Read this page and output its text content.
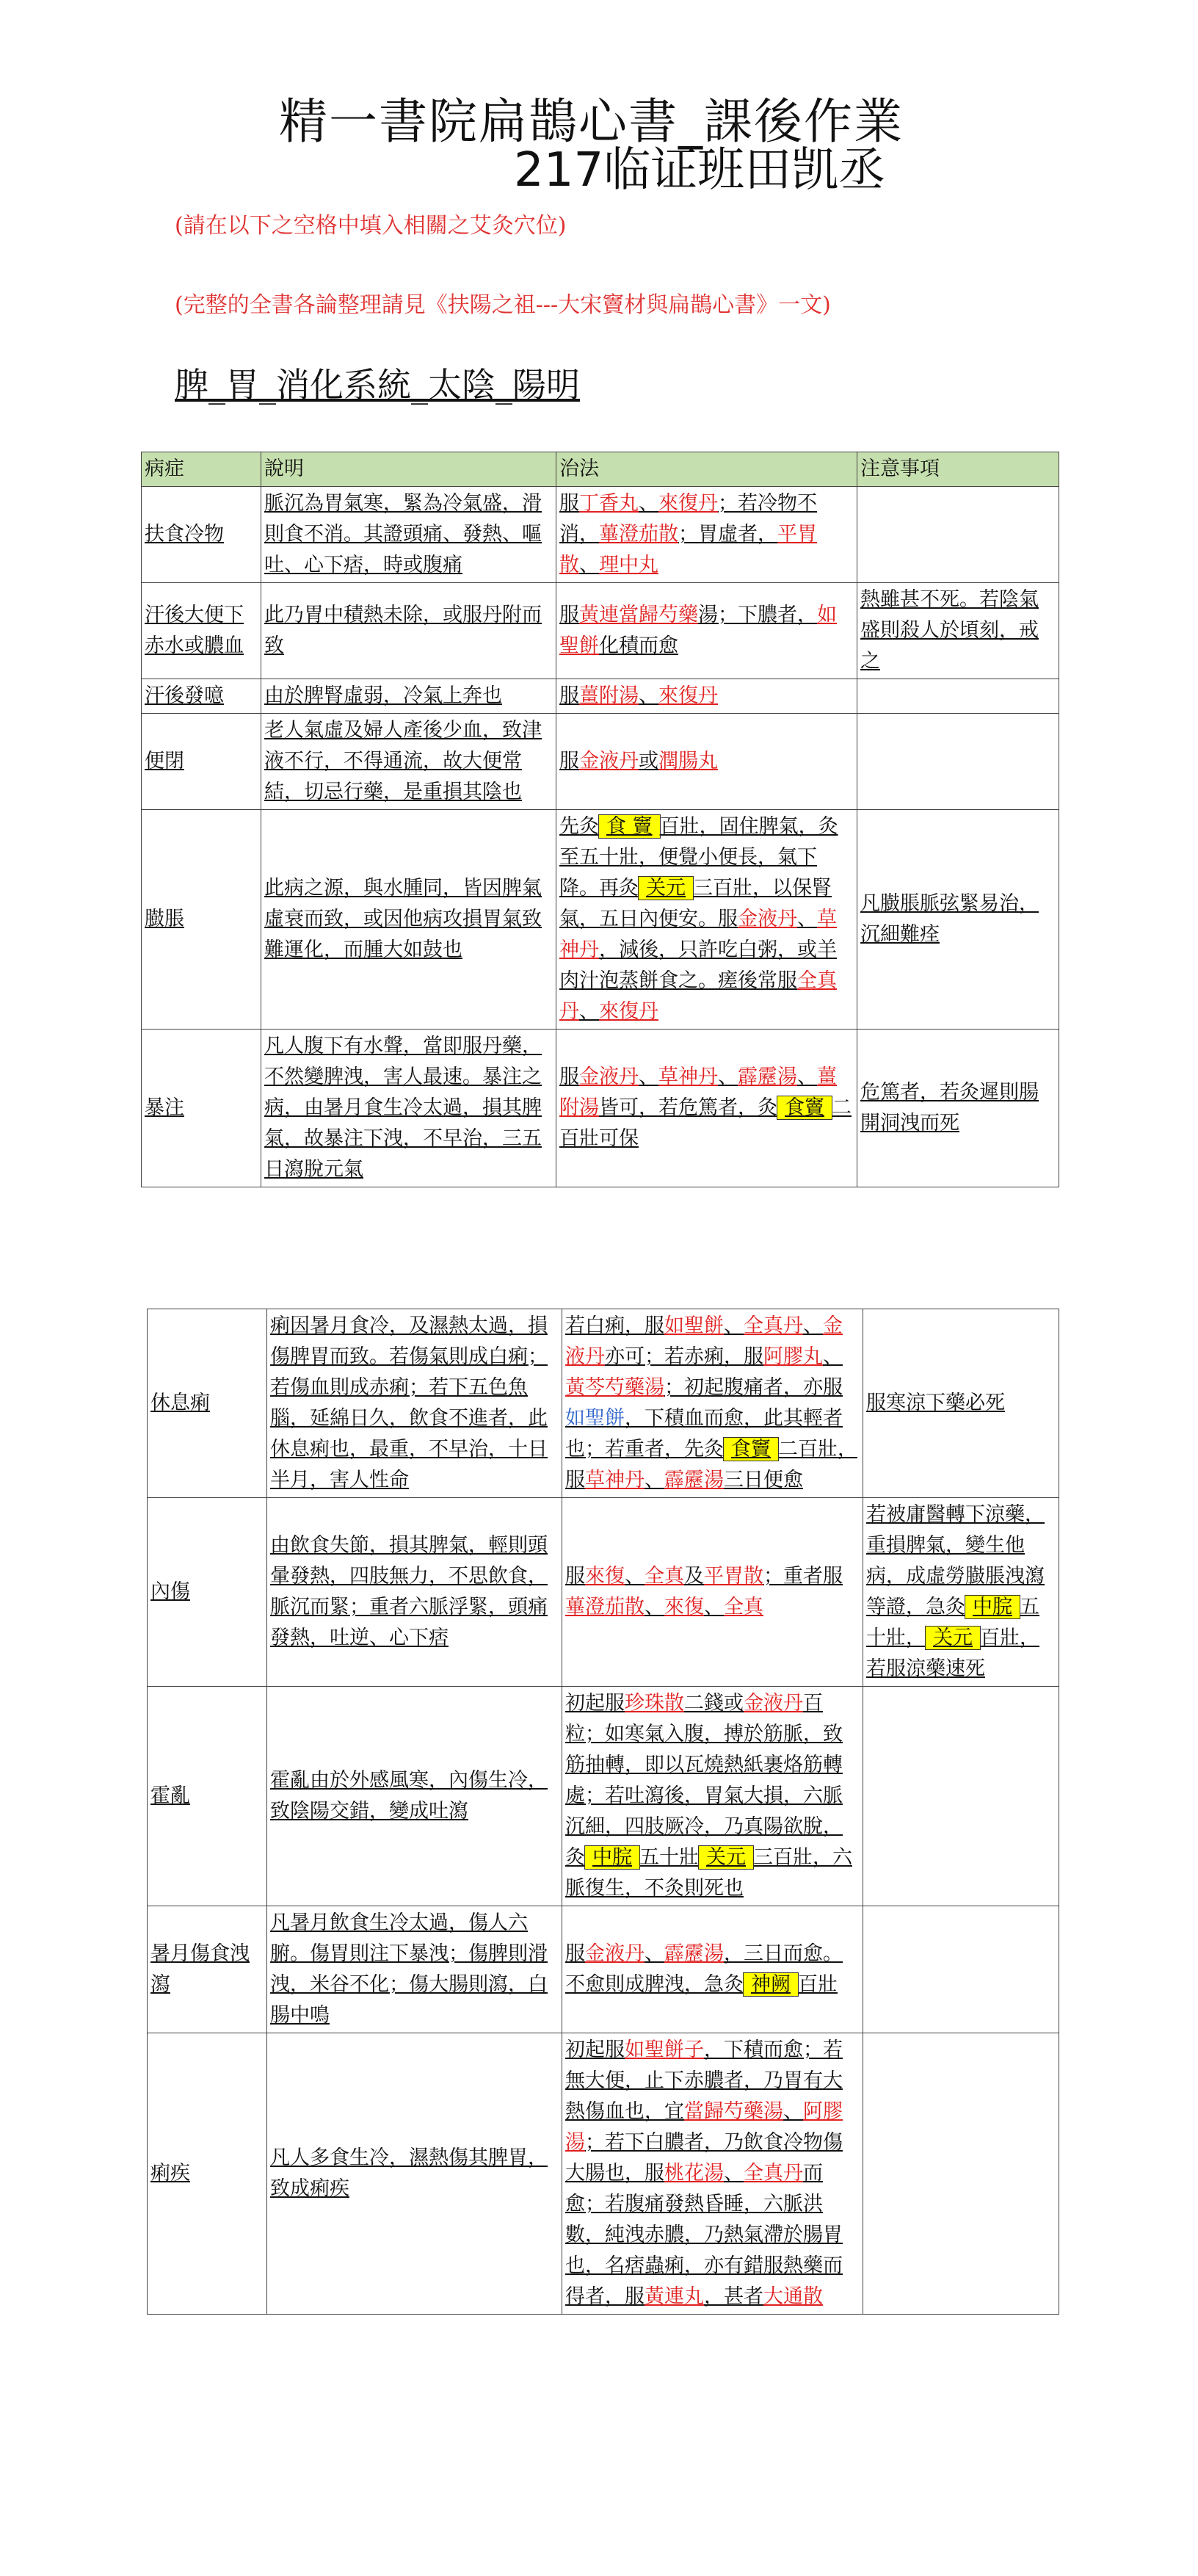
精一書院扁鵲心書_課後作業
217临证班田凯丞
(請在以下之空格中填入相關之艾灸穴位)
(完整的全書各論整理請見《扶陽之祖---大宋竇材與扁鵲心書》一文)
脾_胃_消化系統_太陰_陽明
病症	說明	治法	注意事項

扶食冷物	脈沉為胃氣寒，緊為冷氣盛，滑則食不消。其證頭痛、發熱、嘔吐、心下痞，時或腹痛	服丁香丸、來復丹；若冷物不消，蓽澄茄散；胃虛者，平胃散、理中丸	

汗後大便下赤水或膿血	此乃胃中積熱未除，或服丹附而致	服黃連當歸芍藥湯；下膿者，如聖餅化積而愈	熱雖甚不死。若陰氣盛則殺人於頃刻，戒之

汗後發噫	由於脾腎虛弱，冷氣上奔也	服薑附湯、來復丹	

便閉	老人氣虛及婦人產後少血，致津液不行，不得通流，故大便常結，切忌行藥，是重損其陰也	服金液丹或潤腸丸	

臌脹	此病之源，與水腫同，皆因脾氣虛衰而致，或因他病攻損胃氣致難運化，而腫大如鼓也	先灸 食 竇 百壯，固住脾氣，灸至五十壯，便覺小便長，氣下降。再灸 关元 三百壯，以保腎氣，五日內便安。服金液丹、草神丹，減後，只許吃白粥，或羊肉汁泡蒸餅食之。瘥後常服全真丹、來復丹	凡臌脹脈弦緊易治，沉細難痊

暴注	凡人腹下有水聲，當即服丹藥，不然變脾洩，害人最速。暴注之病，由暑月食生冷太過，損其脾氣，故暴注下洩，不早治，三五日瀉脫元氣	服金液丹、草神丹、霹靂湯、薑附湯皆可，若危篤者，灸 食竇 二百壯可保	危篤者，若灸遲則腸開洞洩而死
休息痢	痢因暑月食冷，及濕熱太過，損傷脾胃而致。若傷氣則成白痢；若傷血則成赤痢；若下五色魚腦，延綿日久，飲食不進者，此休息痢也，最重，不早治，十日半月，害人性命	若白痢，服如聖餅、全真丹、金液丹亦可；若赤痢，服阿膠丸、黃芩芍藥湯；初起腹痛者，亦服如聖餅，下積血而愈，此其輕者也；若重者，先灸 食竇 二百壯，服草神丹、霹靂湯三日便愈	服寒涼下藥必死

內傷	由飲食失節，損其脾氣，輕則頭暈發熱，四肢無力，不思飲食，脈沉而緊；重者六脈浮緊，頭痛發熱，吐逆、心下痞	服來復、全真及平胃散；重者服蓽澄茄散、來復、全真	若被庸醫轉下涼藥，重損脾氣，變生他病，成虛勞臌脹洩瀉等證，急灸 中脘 五十壯， 关元 百壯，若服涼藥速死

霍亂	霍亂由於外感風寒，內傷生冷，致陰陽交錯，變成吐瀉	初起服珍珠散二錢或金液丹百粒；如寒氣入腹，搏於筋脈，致筋抽轉，即以瓦燒熱紙裹烙筋轉處；若吐瀉後，胃氣大損，六脈沉細，四肢厥冷，乃真陽欲脫，灸 中脘 五十壯 关元 三百壯，六脈復生，不灸則死也	

暑月傷食洩瀉	凡暑月飲食生冷太過，傷人六腑。傷胃則注下暴洩；傷脾則滑洩，米谷不化；傷大腸則瀉，白腸中鳴	服金液丹、霹靂湯，三日而愈。不愈則成脾洩，急灸 神阙 百壯	

痢疾	凡人多食生冷，濕熱傷其脾胃，致成痢疾	初起服如聖餅子，下積而愈；若無大便，止下赤膿者，乃胃有大熱傷血也，宜當歸芍藥湯、阿膠湯；若下白膿者，乃飲食冷物傷大腸也，服桃花湯、全真丹而愈；若腹痛發熱昏睡，六脈洪數，純洩赤膿，乃熱氣滯於腸胃也，名痞蟲痢，亦有錯服熱藥而得者，服黃連丸，甚者大通散	
